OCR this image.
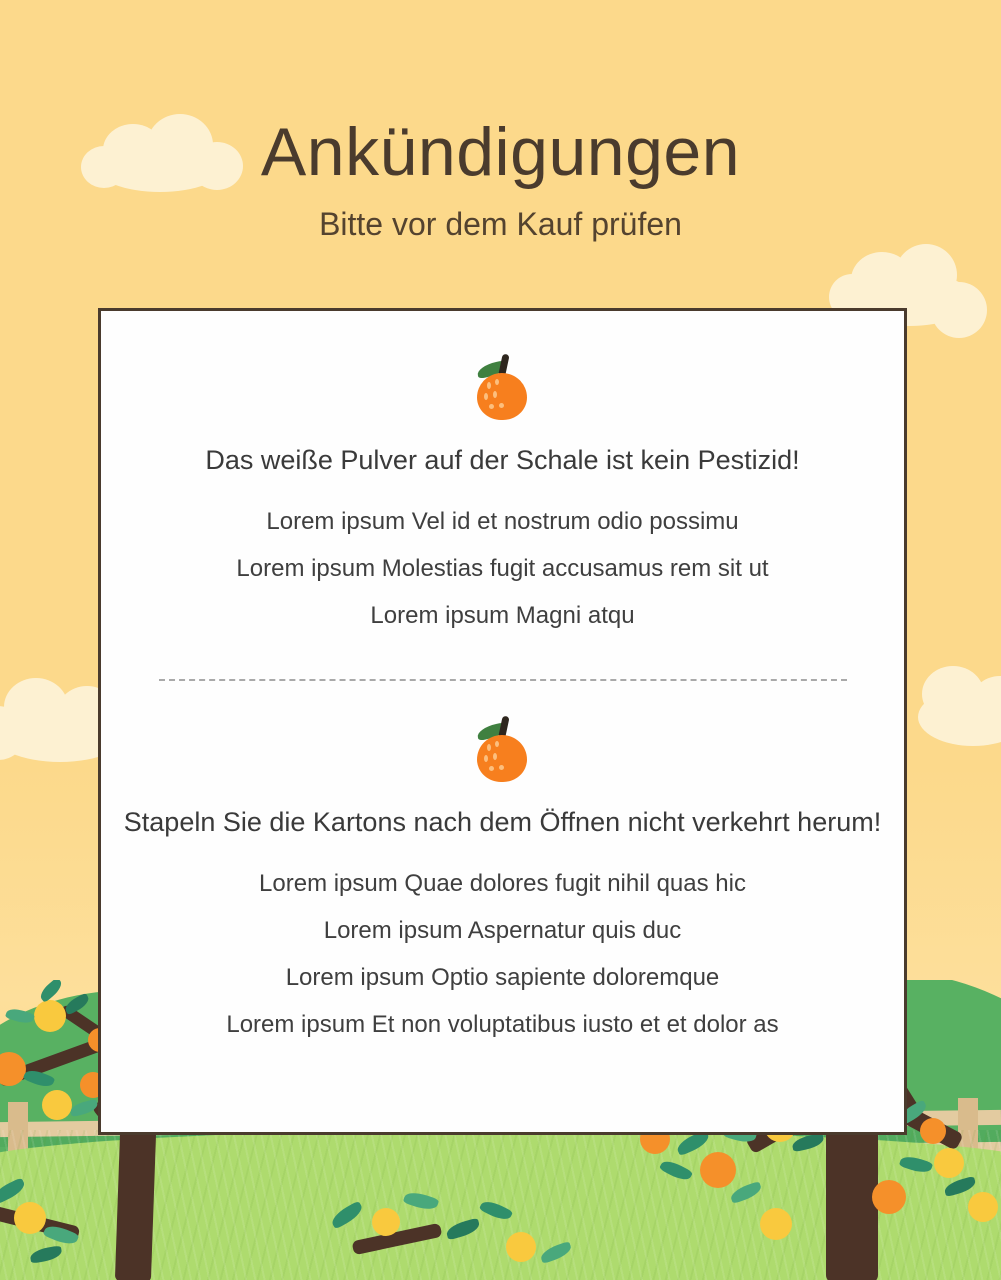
Ankündigungen

Bitte vor dem Kauf prüfen

Das weiße Pulver auf der Schale ist kein Pestizid!
Lorem ipsum Vel id et nostrum odio possimu
Lorem ipsum Molestias fugit accusamus rem sit ut
Lorem ipsum Magni atqu
Stapeln Sie die Kartons nach dem Öffnen nicht verkehrt herum!
Lorem ipsum Quae dolores fugit nihil quas hic
Lorem ipsum Aspernatur quis duc
Lorem ipsum Optio sapiente doloremque
Lorem ipsum Et non voluptatibus iusto et et dolor as
